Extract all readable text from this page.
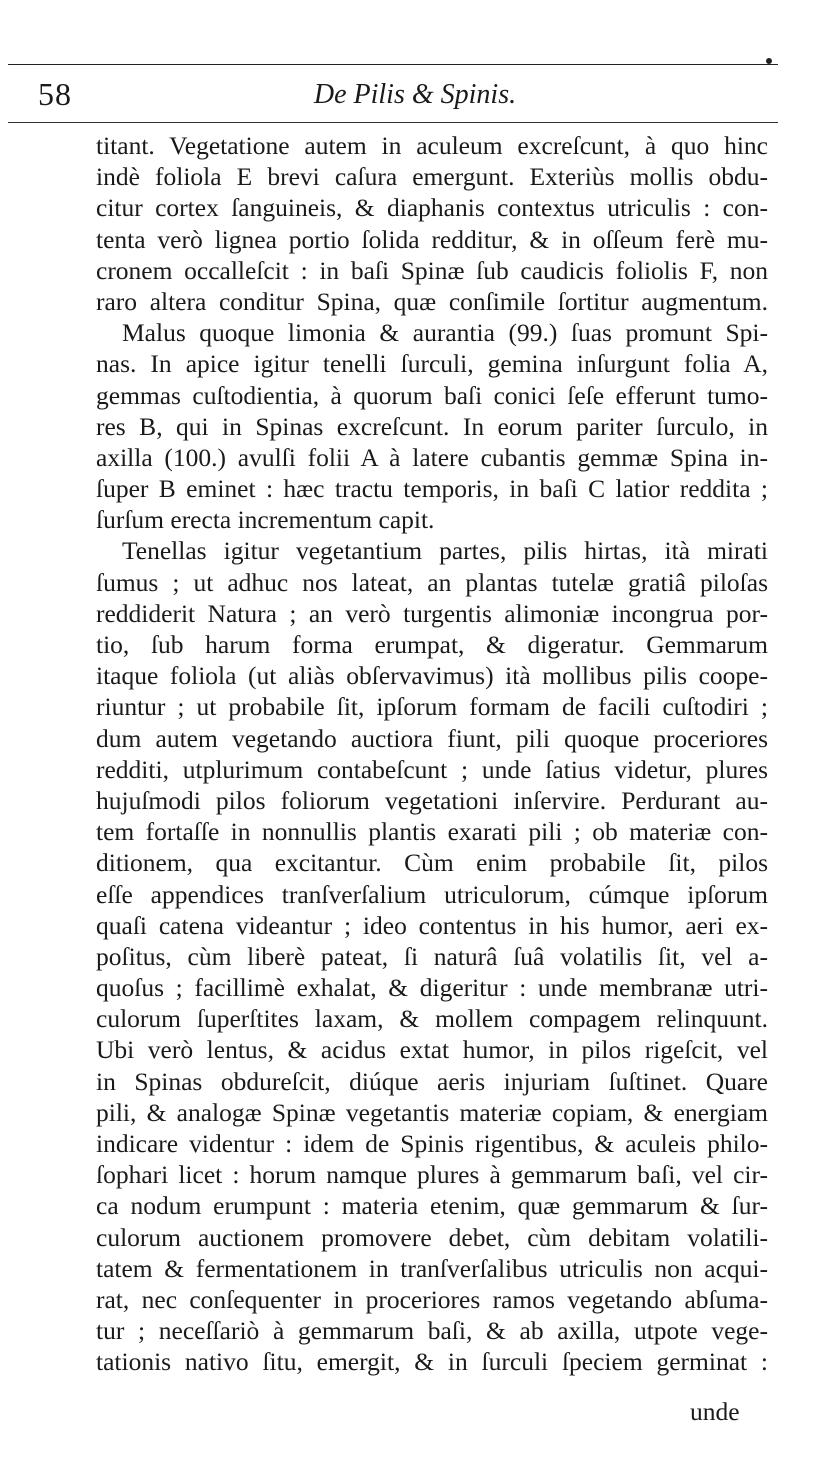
58	De Pilis & Spinis.
titant. Vegetatione autem in aculeum excreſcunt, à quo hinc
indè foliola E brevi caſura emergunt. Exteriùs mollis obdu-
citur cortex ſanguineis, & diaphanis contextus utriculis : con-
tenta verò lignea portio ſolida redditur, & in oſſeum ferè mu-
cronem occalleſcit : in baſi Spinæ ſub caudicis foliolis F, non
raro altera conditur Spina, quæ conſimile ſortitur augmentum.
Malus quoque limonia & aurantia (99.) ſuas promunt Spi-
nas. In apice igitur tenelli ſurculi, gemina inſurgunt folia A,
gemmas cuſtodientia, à quorum baſi conici ſeſe efferunt tumo-
res B, qui in Spinas excreſcunt. In eorum pariter ſurculo, in
axilla (100.) avulſi folii A à latere cubantis gemmæ Spina in-
ſuper B eminet : hæc tractu temporis, in baſi C latior reddita ;
ſurſum erecta incrementum capit.
Tenellas igitur vegetantium partes, pilis hirtas, ità mirati
ſumus ; ut adhuc nos lateat, an plantas tutelæ gratiâ piloſas
reddiderit Natura ; an verò turgentis alimoniæ incongrua por-
tio, ſub harum forma erumpat, & digeratur. Gemmarum
itaque foliola (ut aliàs obſervavimus) ità mollibus pilis coope-
riuntur ; ut probabile ſit, ipſorum formam de facili cuſtodiri ;
dum autem vegetando auctiora fiunt, pili quoque proceriores
redditi, utplurimum contabeſcunt ; unde ſatius videtur, plures
hujuſmodi pilos foliorum vegetationi inſervire. Perdurant au-
tem fortaſſe in nonnullis plantis exarati pili ; ob materiæ con-
ditionem, qua excitantur. Cùm enim probabile ſit, pilos
eſſe appendices tranſverſalium utriculorum, cúmque ipſorum
quaſi catena videantur ; ideo contentus in his humor, aeri ex-
poſitus, cùm liberè pateat, ſi naturâ ſuâ volatilis ſit, vel a-
quoſus ; facillimè exhalat, & digeritur : unde membranæ utri-
culorum ſuperſtites laxam, & mollem compagem relinquunt.
Ubi verò lentus, & acidus extat humor, in pilos rigeſcit, vel
in Spinas obdureſcit, diúque aeris injuriam ſuſtinet. Quare
pili, & analogæ Spinæ vegetantis materiæ copiam, & energiam
indicare videntur : idem de Spinis rigentibus, & aculeis philo-
ſophari licet : horum namque plures à gemmarum baſi, vel cir-
ca nodum erumpunt : materia etenim, quæ gemmarum & ſur-
culorum auctionem promovere debet, cùm debitam volatili-
tatem & fermentationem in tranſverſalibus utriculis non acqui-
rat, nec conſequenter in proceriores ramos vegetando abſuma-
tur ; neceſſariò à gemmarum baſi, & ab axilla, utpote vege-
tationis nativo ſitu, emergit, & in ſurculi ſpeciem germinat :
unde
